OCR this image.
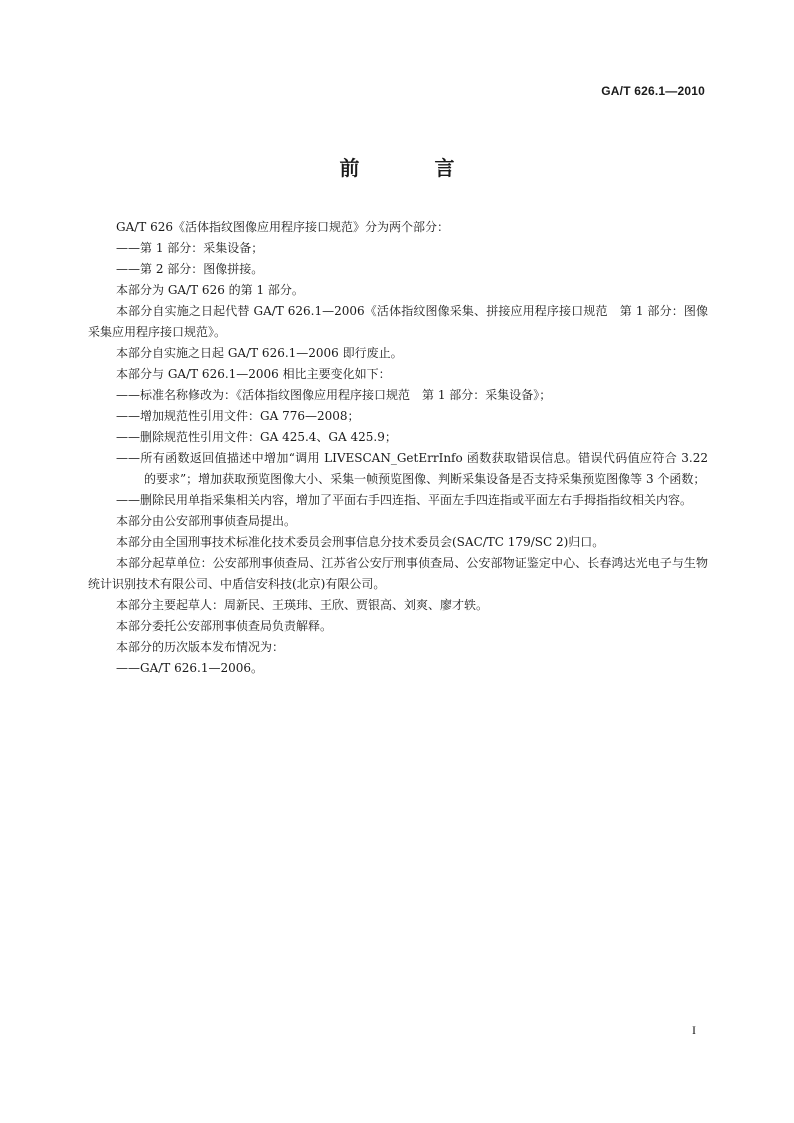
GA/T 626.1—2010
前 言

GA/T 626《活体指纹图像应用程序接口规范》分为两个部分：

——第 1 部分：采集设备；

——第 2 部分：图像拼接。

本部分为 GA/T 626 的第 1 部分。

本部分自实施之日起代替 GA/T 626.1—2006《活体指纹图像采集、拼接应用程序接口规范　第 1 部分：图像采集应用程序接口规范》。

本部分自实施之日起 GA/T 626.1—2006 即行废止。

本部分与 GA/T 626.1—2006 相比主要变化如下：

——标准名称修改为：《活体指纹图像应用程序接口规范　第 1 部分：采集设备》；

——增加规范性引用文件：GA 776—2008；

——删除规范性引用文件：GA 425.4、GA 425.9；

——所有函数返回值描述中增加“调用 LIVESCAN_GetErrInfo 函数获取错误信息。错误代码值应符合 3.22 的要求”；增加获取预览图像大小、采集一帧预览图像、判断采集设备是否支持采集预览图像等 3 个函数；

——删除民用单指采集相关内容，增加了平面右手四连指、平面左手四连指或平面左右手拇指指纹相关内容。

本部分由公安部刑事侦查局提出。

本部分由全国刑事技术标准化技术委员会刑事信息分技术委员会(SAC/TC 179/SC 2)归口。

本部分起草单位：公安部刑事侦查局、江苏省公安厅刑事侦查局、公安部物证鉴定中心、长春鸿达光电子与生物统计识别技术有限公司、中盾信安科技(北京)有限公司。

本部分主要起草人：周新民、王瑛玮、王欣、贾银高、刘爽、廖才轶。

本部分委托公安部刑事侦查局负责解释。

本部分的历次版本发布情况为：

——GA/T 626.1—2006。

I
